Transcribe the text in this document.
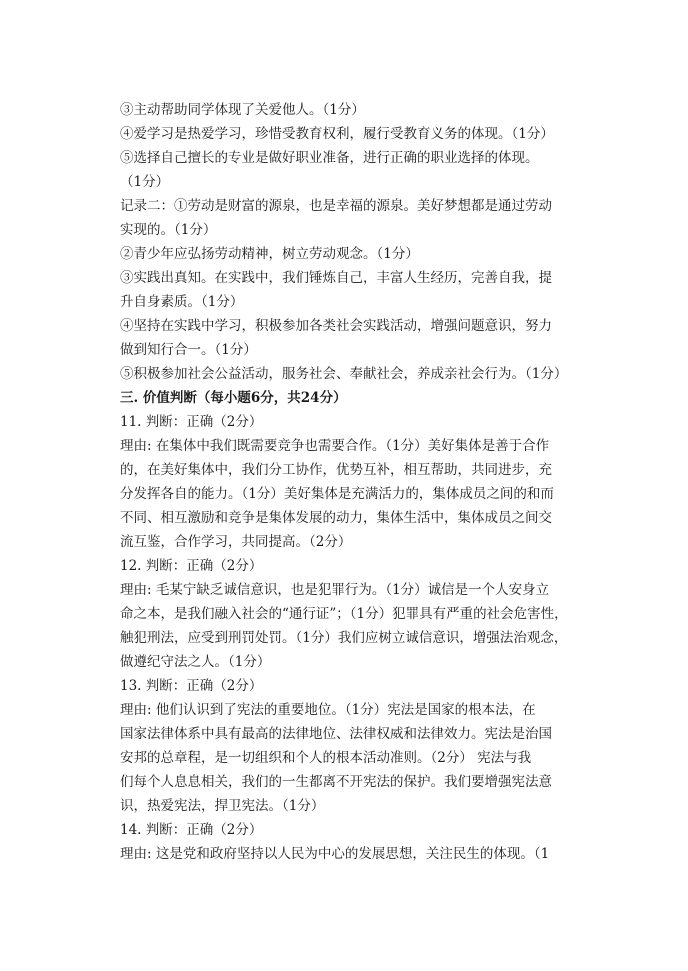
③主动帮助同学体现了关爱他人。（1分）
④爱学习是热爱学习，珍惜受教育权利，履行受教育义务的体现。（1分）
⑤选择自己擅长的专业是做好职业准备，进行正确的职业选择的体现。
（1分）
记录二：①劳动是财富的源泉，也是幸福的源泉。美好梦想都是通过劳动
实现的。（1分）
②青少年应弘扬劳动精神，树立劳动观念。（1分）
③实践出真知。在实践中，我们锤炼自己，丰富人生经历，完善自我，提
升自身素质。（1分）
④坚持在实践中学习，积极参加各类社会实践活动，增强问题意识，努力
做到知行合一。（1分）
⑤积极参加社会公益活动，服务社会、奉献社会，养成亲社会行为。（1分）
三. 价值判断（每小题6分，共24分）
11. 判断：正确（2分）
理由: 在集体中我们既需要竞争也需要合作。（1分）美好集体是善于合作
的，在美好集体中，我们分工协作，优势互补，相互帮助，共同进步，充
分发挥各自的能力。（1分）美好集体是充满活力的，集体成员之间的和而
不同、相互激励和竞争是集体发展的动力，集体生活中，集体成员之间交
流互鉴，合作学习，共同提高。（2分）
12. 判断：正确（2分）
理由: 毛某宁缺乏诚信意识，也是犯罪行为。（1分）诚信是一个人安身立
命之本，是我们融入社会的“通行证”；（1分）犯罪具有严重的社会危害性，
触犯刑法，应受到刑罚处罚。（1分）我们应树立诚信意识，增强法治观念，
做遵纪守法之人。（1分）
13. 判断：正确（2分）
理由: 他们认识到了宪法的重要地位。（1分）宪法是国家的根本法，在
国家法律体系中具有最高的法律地位、法律权威和法律效力。宪法是治国
安邦的总章程，是一切组织和个人的根本活动准则。（2分） 宪法与我
们每个人息息相关，我们的一生都离不开宪法的保护。我们要增强宪法意
识，热爱宪法，捍卫宪法。（1分）
14. 判断：正确（2分）
理由: 这是党和政府坚持以人民为中心的发展思想，关注民生的体现。（1
